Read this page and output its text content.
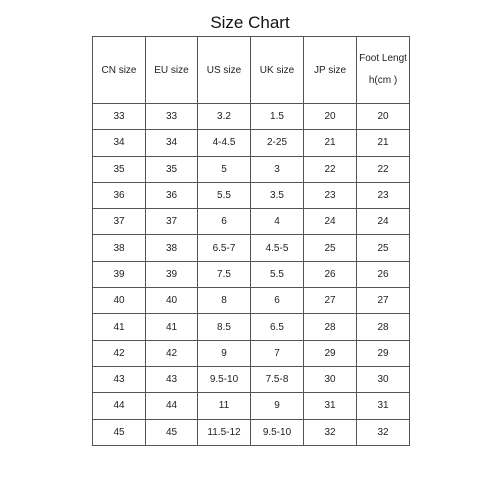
Size Chart
CN size	EU size	US size	UK size	JP size	Foot Length(cm )
33	33	3.2	1.5	20	20
34	34	4-4.5	2-25	21	21
35	35	5	3	22	22
36	36	5.5	3.5	23	23
37	37	6	4	24	24
38	38	6.5-7	4.5-5	25	25
39	39	7.5	5.5	26	26
40	40	8	6	27	27
41	41	8.5	6.5	28	28
42	42	9	7	29	29
43	43	9.5-10	7.5-8	30	30
44	44	11	9	31	31
45	45	11.5-12	9.5-10	32	32
